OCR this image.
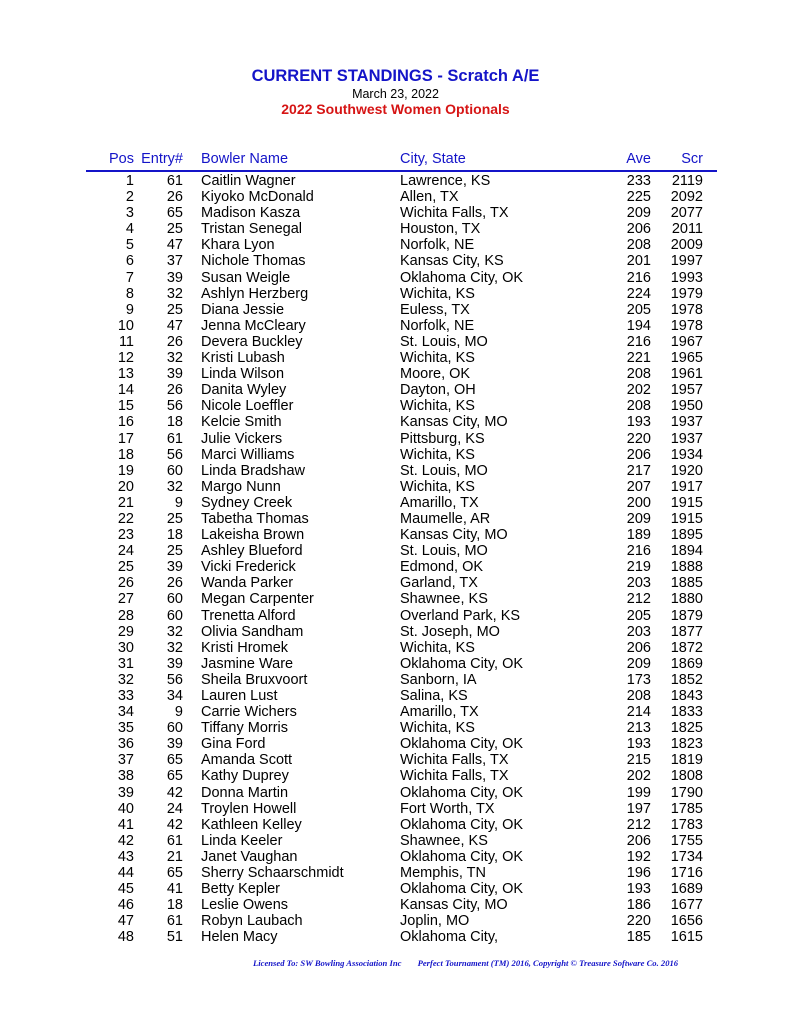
CURRENT STANDINGS - Scratch A/E
March 23, 2022
2022 Southwest Women Optionals
Pos Entry# Bowler Name	City, State	Ave Scr
1 61 Caitlin Wagner	Lawrence, KS	233 2119
2 26 Kiyoko McDonald	Allen, TX	225 2092
3 65 Madison Kasza	Wichita Falls, TX	209 2077
4 25 Tristan Senegal	Houston, TX	206 2011
5 47 Khara Lyon	Norfolk, NE	208 2009
6 37 Nichole Thomas	Kansas City, KS	201 1997
7 39 Susan Weigle	Oklahoma City, OK	216 1993
8 32 Ashlyn Herzberg	Wichita, KS	224 1979
9 25 Diana Jessie	Euless, TX	205 1978
10 47 Jenna McCleary	Norfolk, NE	194 1978
11 26 Devera Buckley	St. Louis, MO	216 1967
12 32 Kristi Lubash	Wichita, KS	221 1965
13 39 Linda Wilson	Moore, OK	208 1961
14 26 Danita Wyley	Dayton, OH	202 1957
15 56 Nicole Loeffler	Wichita, KS	208 1950
16 18 Kelcie Smith	Kansas City, MO	193 1937
17 61 Julie Vickers	Pittsburg, KS	220 1937
18 56 Marci Williams	Wichita, KS	206 1934
19 60 Linda Bradshaw	St. Louis, MO	217 1920
20 32 Margo Nunn	Wichita, KS	207 1917
21	9 Sydney Creek	Amarillo, TX	200 1915
22 25 Tabetha Thomas	Maumelle, AR	209 1915
23 18 Lakeisha Brown	Kansas City, MO	189 1895
24 25 Ashley Blueford	St. Louis, MO	216 1894
25 39 Vicki Frederick	Edmond, OK	219 1888
26 26 Wanda Parker	Garland, TX	203 1885
27 60 Megan Carpenter	Shawnee, KS	212 1880
28 60 Trenetta Alford	Overland Park, KS	205 1879
29 32 Olivia Sandham	St. Joseph, MO	203 1877
30 32 Kristi Hromek	Wichita, KS	206 1872
31 39 Jasmine Ware	Oklahoma City, OK	209 1869
32 56 Sheila Bruxvoort	Sanborn, IA	173 1852
33 34 Lauren Lust	Salina, KS	208 1843
34	9 Carrie Wichers	Amarillo, TX	214 1833
35 60 Tiffany Morris	Wichita, KS	213 1825
36 39 Gina Ford	Oklahoma City, OK	193 1823
37 65 Amanda Scott	Wichita Falls, TX	215 1819
38 65 Kathy Duprey	Wichita Falls, TX	202 1808
39 42 Donna Martin	Oklahoma City, OK	199 1790
40 24 Troylen Howell	Fort Worth, TX	197 1785
41 42 Kathleen Kelley	Oklahoma City, OK	212 1783
42 61 Linda Keeler	Shawnee, KS	206 1755
43 21 Janet Vaughan	Oklahoma City, OK	192 1734
44 65 Sherry Schaarschmidt	Memphis, TN	196 1716
45 41 Betty Kepler	Oklahoma City, OK	193 1689
46 18 Leslie Owens	Kansas City, MO	186 1677
47 61 Robyn Laubach	Joplin, MO	220 1656
48 51 Helen Macy	Oklahoma City,	185 1615
Licensed To: SW Bowling Association Inc Perfect Tournament (TM) 2016, Copyright © Treasure Software Co. 2016
